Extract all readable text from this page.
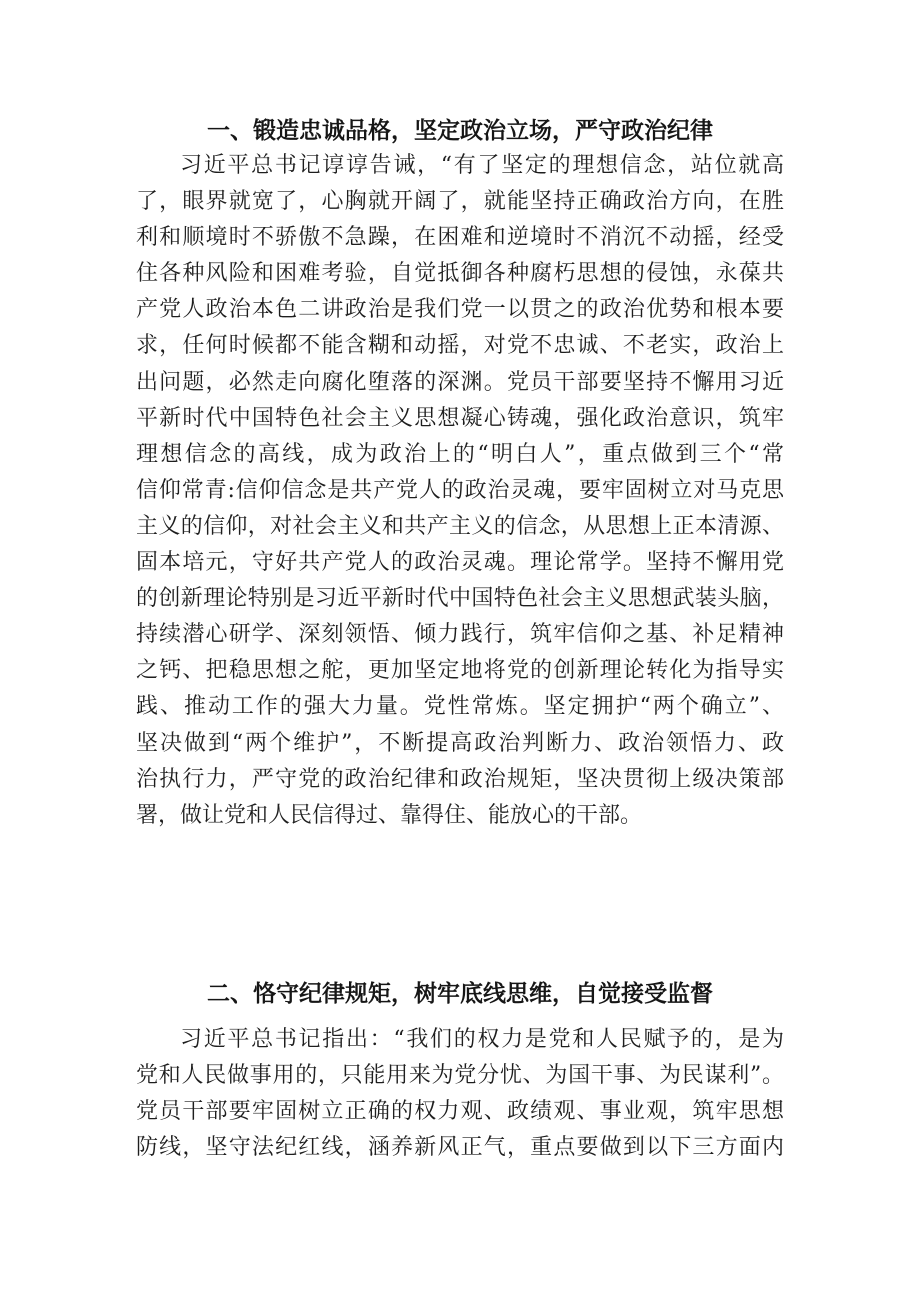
一、锻造忠诚品格，坚定政治立场，严守政治纪律
习近平总书记谆谆告诫，“有了坚定的理想信念，站位就高
了，眼界就宽了，心胸就开阔了，就能坚持正确政治方向，在胜
利和顺境时不骄傲不急躁，在困难和逆境时不消沉不动摇，经受
住各种风险和困难考验，自觉抵御各种腐朽思想的侵蚀，永葆共
产党人政治本色二讲政治是我们党一以贯之的政治优势和根本要
求，任何时候都不能含糊和动摇，对党不忠诚、不老实，政治上
出问题，必然走向腐化堕落的深渊。党员干部要坚持不懈用习近
平新时代中国特色社会主义思想凝心铸魂，强化政治意识，筑牢
理想信念的高线，成为政治上的“明白人”，重点做到三个“常
信仰常青:信仰信念是共产党人的政治灵魂，要牢固树立对马克思
主义的信仰，对社会主义和共产主义的信念，从思想上正本清源、
固本培元，守好共产党人的政治灵魂。理论常学。坚持不懈用党
的创新理论特别是习近平新时代中国特色社会主义思想武装头脑，
持续潜心研学、深刻领悟、倾力践行，筑牢信仰之基、补足精神
之钙、把稳思想之舵，更加坚定地将党的创新理论转化为指导实
践、推动工作的强大力量。党性常炼。坚定拥护“两个确立”、
坚决做到“两个维护”，不断提高政治判断力、政治领悟力、政
治执行力，严守党的政治纪律和政治规矩，坚决贯彻上级决策部
署，做让党和人民信得过、靠得住、能放心的干部。
二、恪守纪律规矩，树牢底线思维，自觉接受监督
习近平总书记指出：“我们的权力是党和人民赋予的，是为
党和人民做事用的，只能用来为党分忧、为国干事、为民谋利”。
党员干部要牢固树立正确的权力观、政绩观、事业观，筑牢思想
防线，坚守法纪红线，涵养新风正气，重点要做到以下三方面内
